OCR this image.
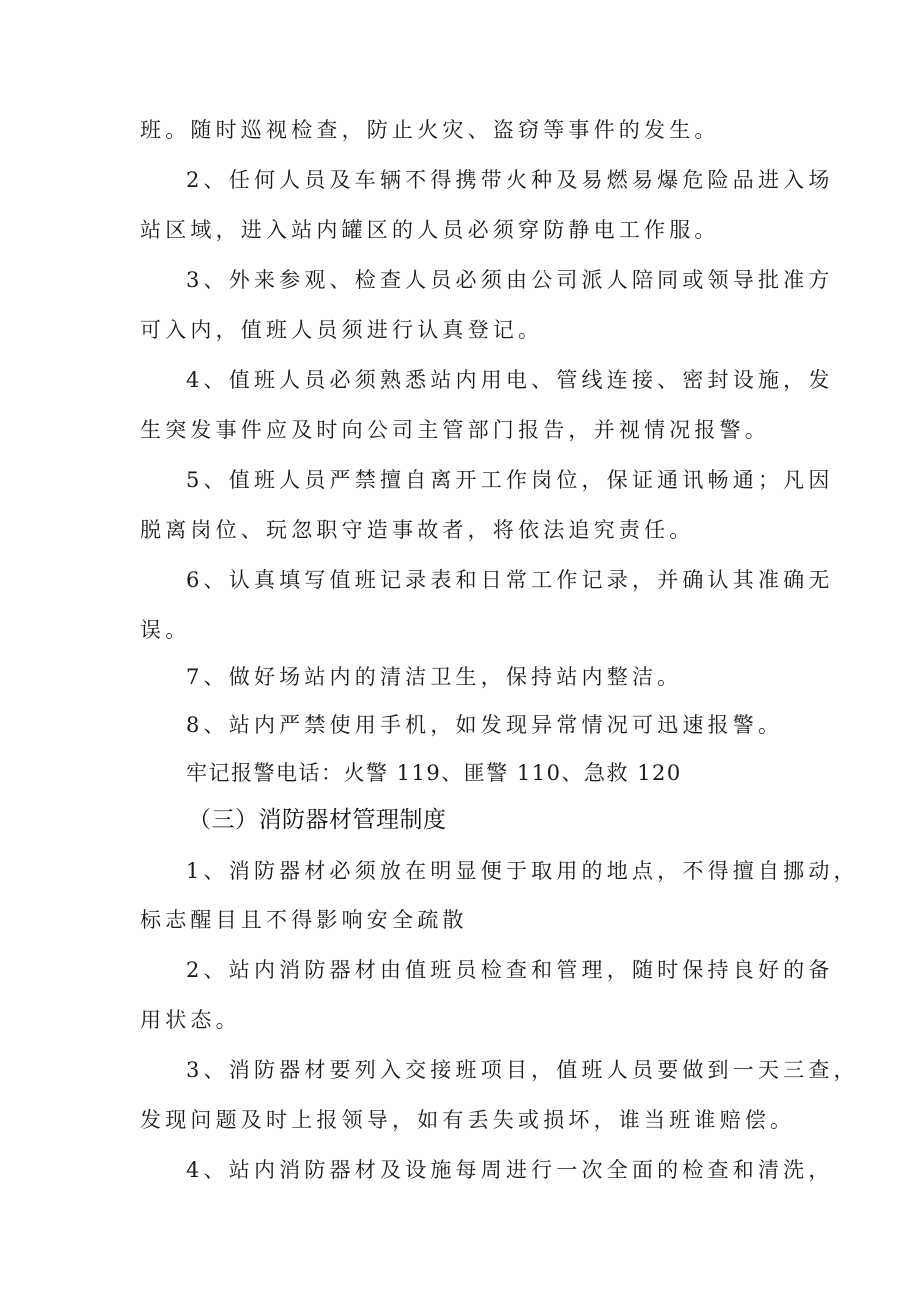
班。随时巡视检查，防止火灾、盗窃等事件的发生。
2、任何人员及车辆不得携带火种及易燃易爆危险品进入场
站区域，进入站内罐区的人员必须穿防静电工作服。
3、外来参观、检查人员必须由公司派人陪同或领导批准方
可入内，值班人员须进行认真登记。
4、值班人员必须熟悉站内用电、管线连接、密封设施，发
生突发事件应及时向公司主管部门报告，并视情况报警。
5、值班人员严禁擅自离开工作岗位，保证通讯畅通；凡因
脱离岗位、玩忽职守造事故者，将依法追究责任。
6、认真填写值班记录表和日常工作记录，并确认其准确无
误。
7、做好场站内的清洁卫生，保持站内整洁。
8、站内严禁使用手机，如发现异常情况可迅速报警。
牢记报警电话：火警 119、匪警 110、急救 120
（三）消防器材管理制度
1、消防器材必须放在明显便于取用的地点，不得擅自挪动，
标志醒目且不得影响安全疏散
2、站内消防器材由值班员检查和管理，随时保持良好的备
用状态。
3、消防器材要列入交接班项目，值班人员要做到一天三查，
发现问题及时上报领导，如有丢失或损坏，谁当班谁赔偿。
4、站内消防器材及设施每周进行一次全面的检查和清洗，
